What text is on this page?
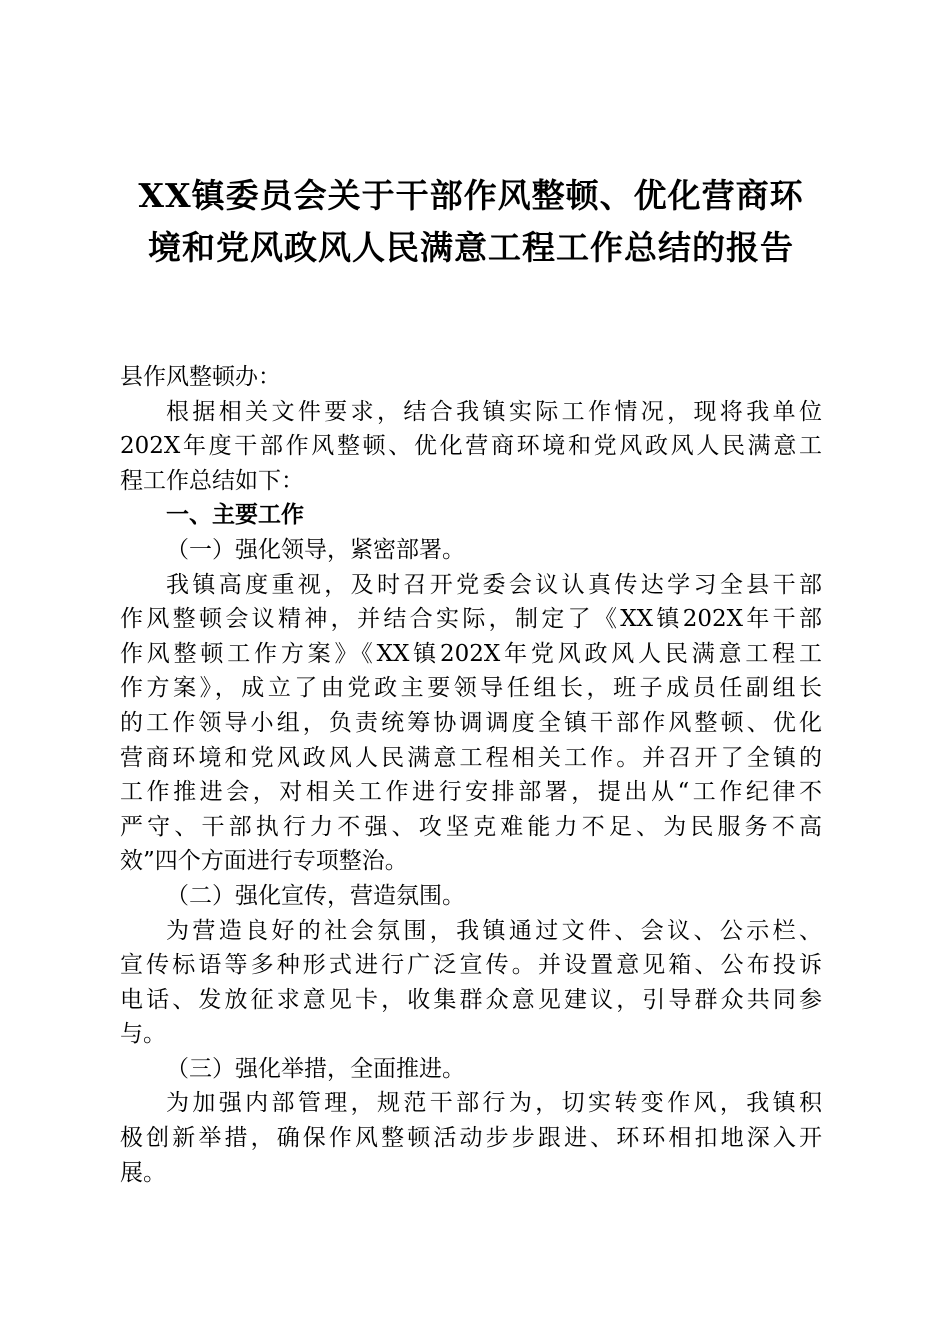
XX镇委员会关于干部作风整顿、优化营商环
境和党风政风人民满意工程工作总结的报告

县作风整顿办：

根据相关文件要求，结合我镇实际工作情况，现将我单位
202X年度干部作风整顿、优化营商环境和党风政风人民满意工
程工作总结如下：

一、主要工作

（一）强化领导，紧密部署。

我镇高度重视，及时召开党委会议认真传达学习全县干部
作风整顿会议精神，并结合实际，制定了《XX镇202X年干部
作风整顿工作方案》《XX镇202X年党风政风人民满意工程工
作方案》，成立了由党政主要领导任组长，班子成员任副组长
的工作领导小组，负责统筹协调调度全镇干部作风整顿、优化
营商环境和党风政风人民满意工程相关工作。并召开了全镇的
工作推进会，对相关工作进行安排部署，提出从“工作纪律不
严守、干部执行力不强、攻坚克难能力不足、为民服务不高
效”四个方面进行专项整治。

（二）强化宣传，营造氛围。

为营造良好的社会氛围，我镇通过文件、会议、公示栏、
宣传标语等多种形式进行广泛宣传。并设置意见箱、公布投诉
电话、发放征求意见卡，收集群众意见建议，引导群众共同参
与。

（三）强化举措，全面推进。

为加强内部管理，规范干部行为，切实转变作风，我镇积
极创新举措，确保作风整顿活动步步跟进、环环相扣地深入开
展。
